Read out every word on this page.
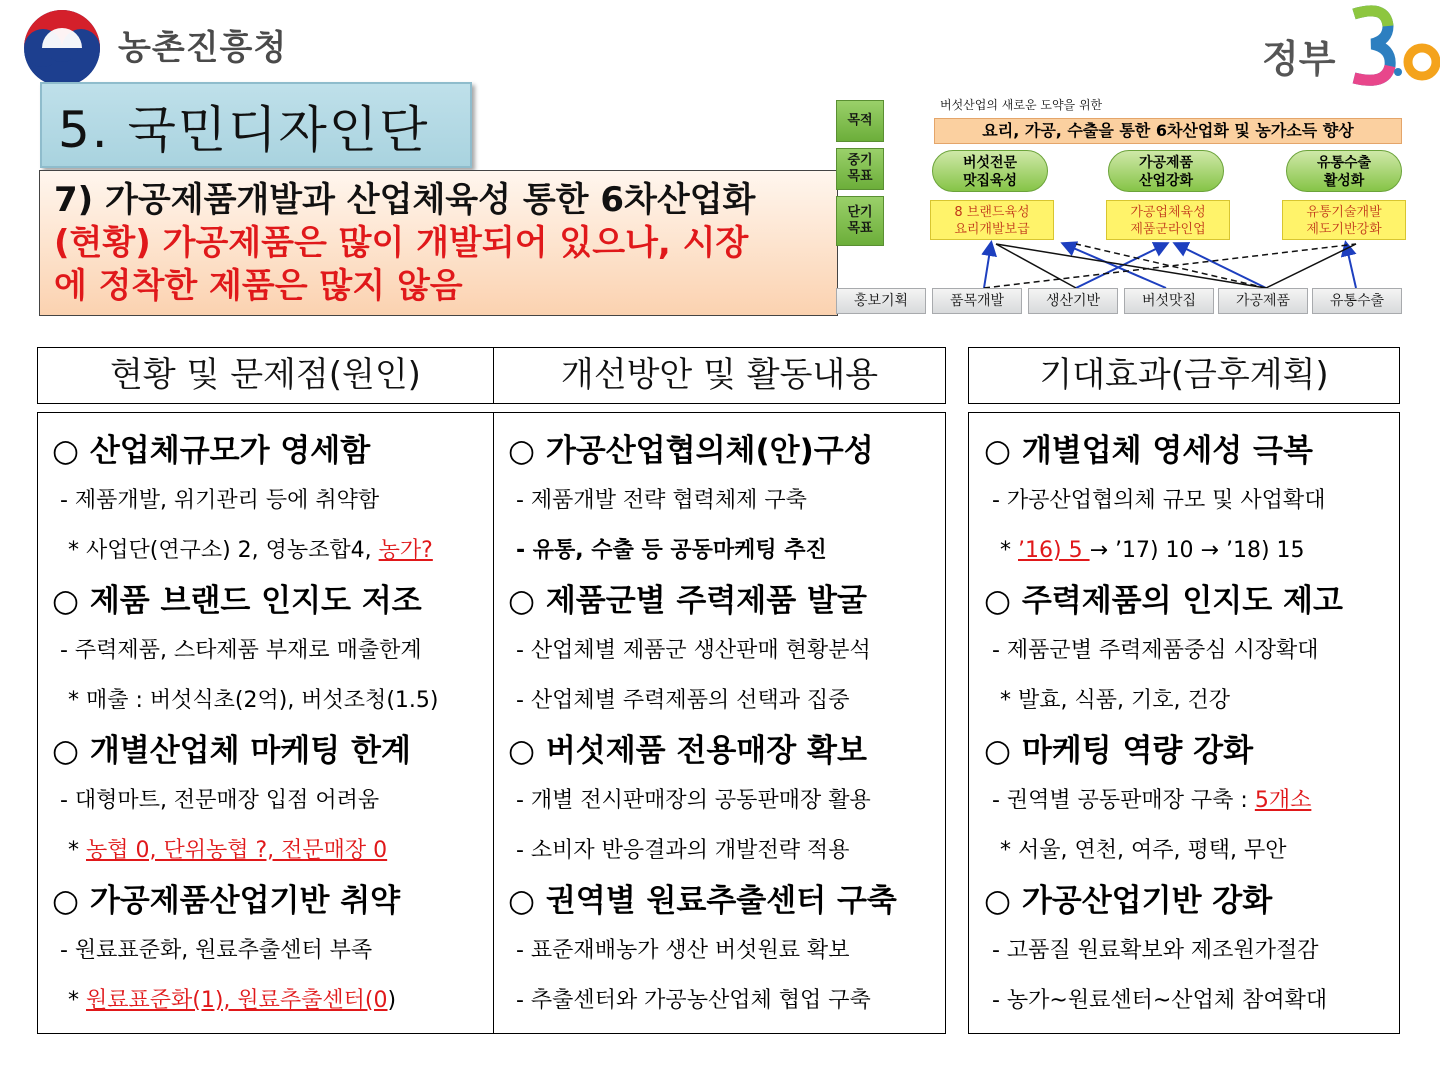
농촌진흥청	정부
5. 국민디자인단
7) 가공제품개발과 산업체육성 통한 6차산업화
(현황) 가공제품은 많이 개발되어 있으나, 시장
에 정착한 제품은 많지 않음
목적
중기
목표
단기
목표
버섯산업의 새로운 도약을 위한
요리, 가공, 수출을 통한 6차산업화 및 농가소득 향상
버섯전문
맛집육성
가공제품
산업강화
유통수출
활성화
8 브랜드육성
요리개발보급
가공업체육성
제품군라인업
유통기술개발
제도기반강화
홍보기획	품목개발	생산기반	버섯맛집	가공제품	유통수출
현황 및 문제점(원인)	개선방안 및 활동내용	기대효과(금후계획)
○ 산업체규모가 영세함
- 제품개발, 위기관리 등에 취약함
* 사업단(연구소) 2, 영농조합4, 농가?
○ 제품 브랜드 인지도 저조
- 주력제품, 스타제품 부재로 매출한계
* 매출 : 버섯식초(2억), 버섯조청(1.5)
○ 개별산업체 마케팅 한계
- 대형마트, 전문매장 입점 어려움
* 농협 0, 단위농협 ?, 전문매장 0
○ 가공제품산업기반 취약
- 원료표준화, 원료추출센터 부족
* 원료표준화(1), 원료추출센터(0)
○ 가공산업협의체(안)구성
- 제품개발 전략 협력체제 구축
- 유통, 수출 등 공동마케팅 추진
○ 제품군별 주력제품 발굴
- 산업체별 제품군 생산판매 현황분석
- 산업체별 주력제품의 선택과 집중
○ 버섯제품 전용매장 확보
- 개별 전시판매장의 공동판매장 활용
- 소비자 반응결과의 개발전략 적용
○ 권역별 원료추출센터 구축
- 표준재배농가 생산 버섯원료 확보
- 추출센터와 가공농산업체 협업 구축
○ 개별업체 영세성 극복
- 가공산업협의체 규모 및 사업확대
* ’16) 5 → ’17) 10 → ’18) 15
○ 주력제품의 인지도 제고
- 제품군별 주력제품중심 시장확대
* 발효, 식품, 기호, 건강
○ 마케팅 역량 강화
- 권역별 공동판매장 구축 : 5개소
* 서울, 연천, 여주, 평택, 무안
○ 가공산업기반 강화
- 고품질 원료확보와 제조원가절감
- 농가~원료센터~산업체 참여확대
